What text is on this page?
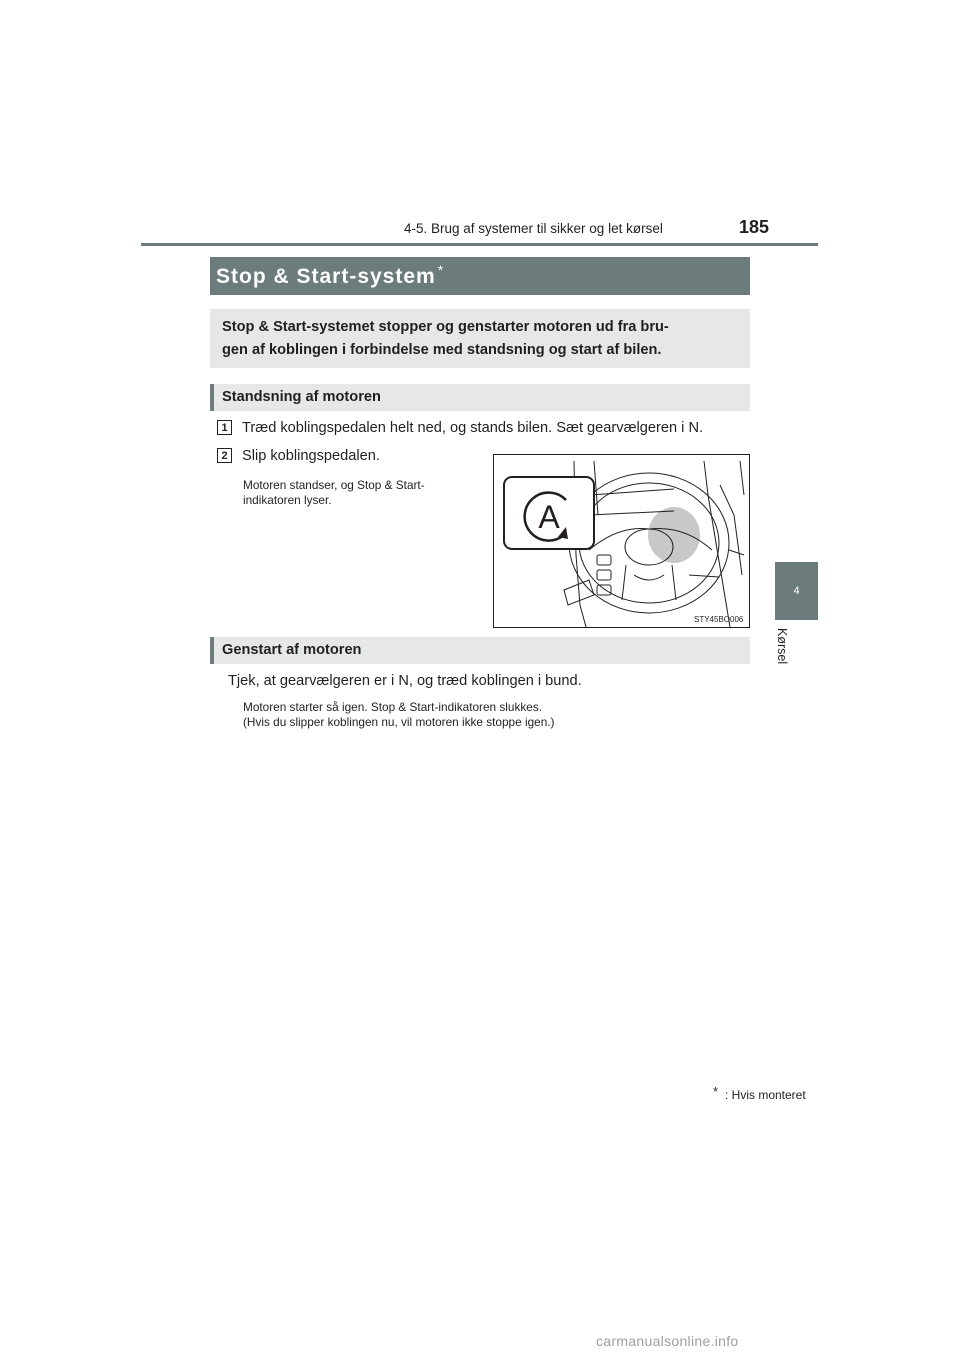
4-5. Brug af systemer til sikker og let kørsel	185
4
Kørsel
Stop & Start-system *
Stop & Start-systemet stopper og genstarter motoren ud fra bru-
gen af koblingen i forbindelse med standsning og start af bilen.
Standsning af motoren
1 Træd koblingspedalen helt ned, og stands bilen. Sæt gearvælgeren i N.
2 Slip koblingspedalen.
Motoren standser, og Stop & Start-
indikatoren lyser.	A
STY45BO006
Genstart af motoren
Tjek, at gearvælgeren er i N, og træd koblingen i bund.
Motoren starter så igen. Stop & Start-indikatoren slukkes.
(Hvis du slipper koblingen nu, vil motoren ikke stoppe igen.)
* : Hvis monteret
carmanualsonline.info
